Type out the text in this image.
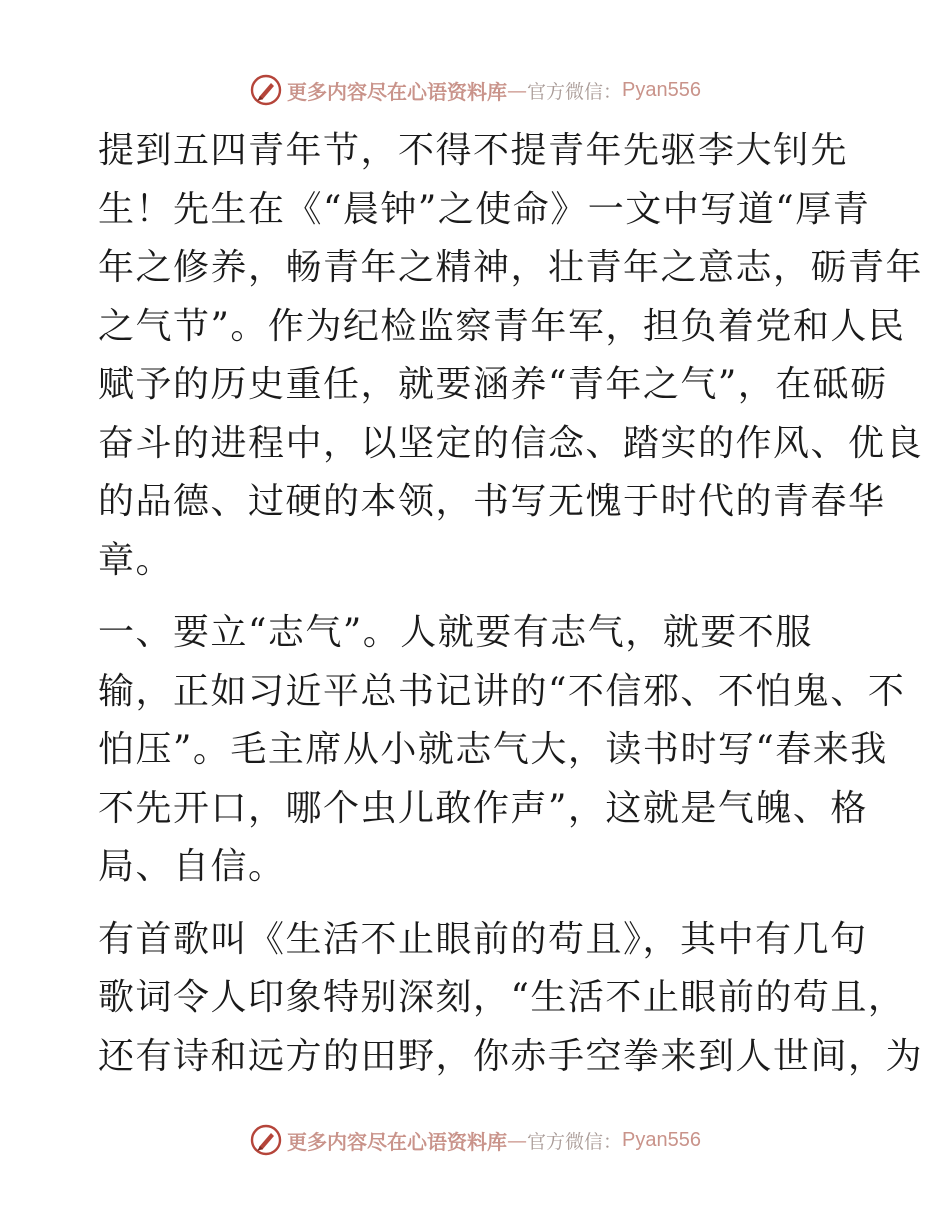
更多内容尽在心语资料库 — 官方微信： Pyan556
提到五四青年节，不得不提青年先驱李大钊先
生！先生在《“晨钟”之使命》一文中写道“厚青
年之修养，畅青年之精神，壮青年之意志，砺青年
之气节”。作为纪检监察青年军，担负着党和人民
赋予的历史重任，就要涵养“青年之气”，在砥砺
奋斗的进程中，以坚定的信念、踏实的作风、优良
的品德、过硬的本领，书写无愧于时代的青春华
章。
一、要立“志气”。人就要有志气，就要不服
输，正如习近平总书记讲的“不信邪、不怕鬼、不
怕压”。毛主席从小就志气大，读书时写“春来我
不先开口，哪个虫儿敢作声”，这就是气魄、格
局、自信。
有首歌叫《生活不止眼前的苟且》，其中有几句
歌词令人印象特别深刻，“生活不止眼前的苟且，
还有诗和远方的田野，你赤手空拳来到人世间，为
更多内容尽在心语资料库 — 官方微信： Pyan556
